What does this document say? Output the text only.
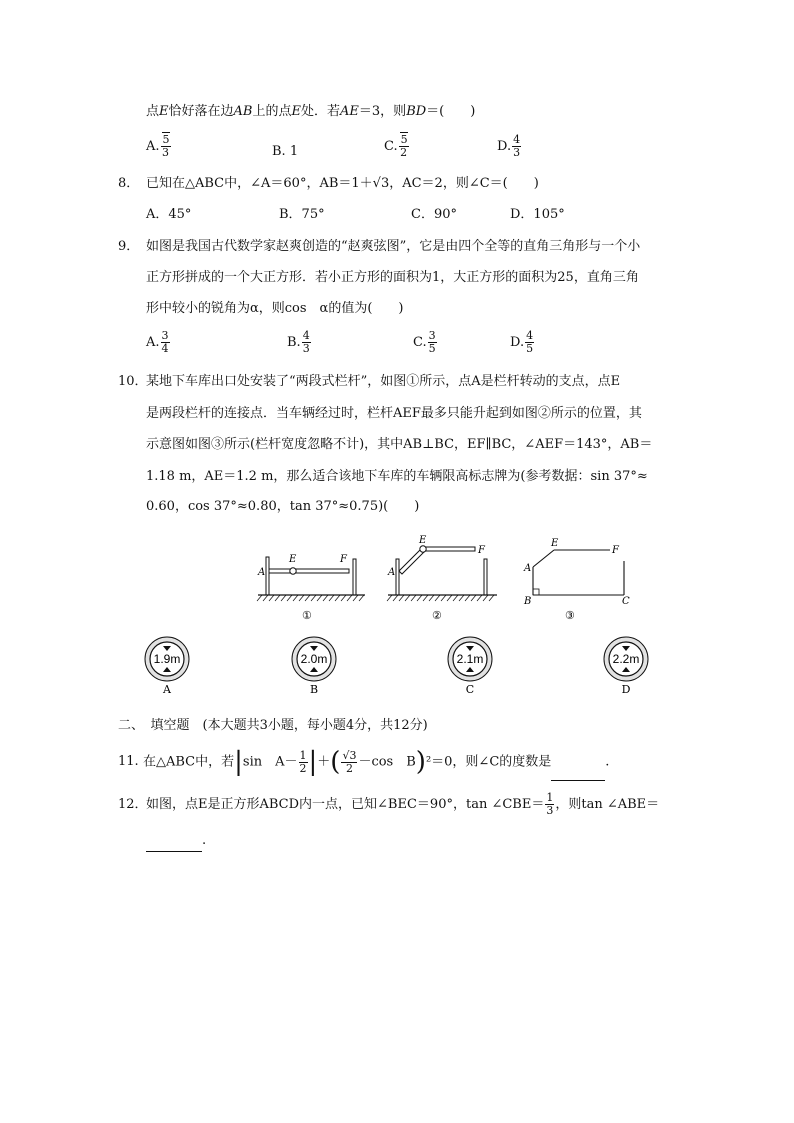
点E恰好落在边AB上的点E处．若AE＝3，则BD＝(　　)
A. $\frac{5}{3}$	B. 1	C. $\frac{5}{2}$	D. $\frac{4}{3}$
8． 已知在△ABC中，∠A＝60°，AB＝1＋√3，AC＝2，则∠C＝(　　)
A．45°	B．75°	C．90°	D．105°
9． 如图是我国古代数学家赵爽创造的“赵爽弦图”，它是由四个全等的直角三角形与一个小
正方形拼成的一个大正方形．若小正方形的面积为1，大正方形的面积为25，直角三角
形中较小的锐角为α，则cos　α的值为(　　)
A. $\frac{3}{4}$	B. $\frac{4}{3}$	C. $\frac{3}{5}$	D. $\frac{4}{5}$
10．
某地下车库出口处安装了“两段式栏杆”，如图①所示，点A是栏杆转动的支点，点E
是两段栏杆的连接点．当车辆经过时，栏杆AEF最多只能升起到如图②所示的位置，其
示意图如图③所示(栏杆宽度忽略不计)，其中AB⊥BC，EF∥BC，∠AEF＝143°，AB＝
1.18 m，AE＝1.2 m，那么适合该地下车库的车辆限高标志牌为(参考数据：sin 37°≈
0.60，cos 37°≈0.80，tan 37°≈0.75)(　　)
A
E	F
①
A
E
F
②
A
E
F
B	C
③
1.9m
A
2.0m
B
2.1m
C
2.2m
D
二、　填空题　(本大题共3小题，每小题4分，共12分)
11. 在△ABC中，若|sin　$A- \frac{1}{2}$ |＋( $\frac{√3}{2} -\cos$　B)²＝0，则∠C的度数是	.
12．
如图，点E是正方形ABCD内一点，已知∠BEC＝90°，tan ∠CBE＝ $\frac{1}{3}$ ，则tan ∠ABE＝
.
